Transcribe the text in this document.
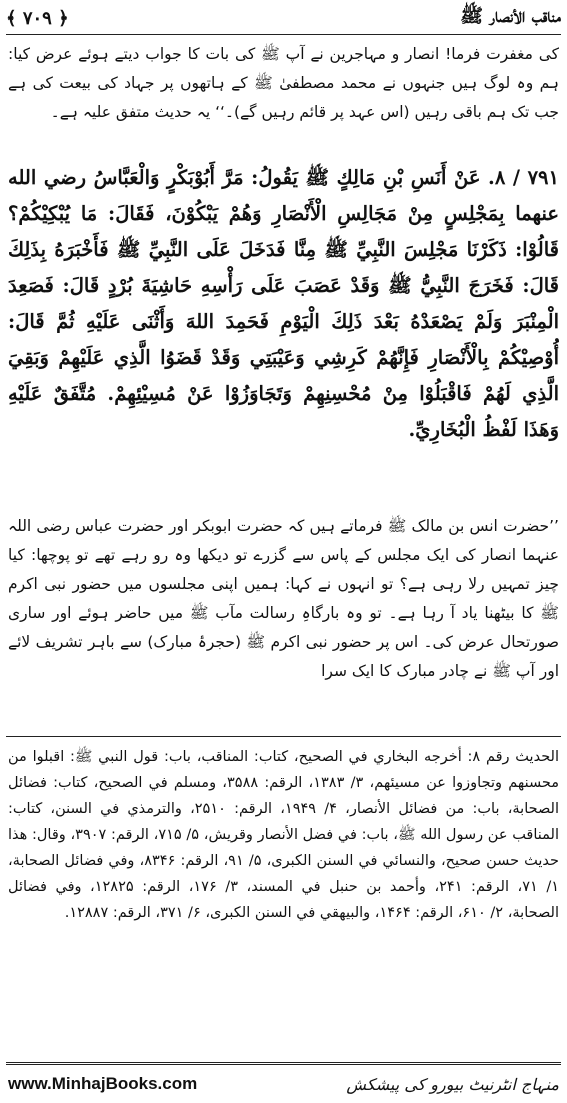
مناقب الأنصار ﷺ
﴿ ۷۰۹ ﴾
کی مغفرت فرما! انصار و مہاجرین نے آپ ﷺ کی بات کا جواب دیتے ہوئے عرض کیا: ہم وہ لوگ ہیں جنہوں نے محمد مصطفیٰ ﷺ کے ہاتھوں پر جہاد کی بیعت کی ہے جب تک ہم باقی رہیں (اس عہد پر قائم رہیں گے)۔‘‘ یہ حدیث متفق علیہ ہے۔
۷۹۱ / ۸. عَنْ أَنَسِ بْنِ مَالِكٍ ﷺ يَقُولُ: مَرَّ أَبُوْبَكْرٍ وَالْعَبَّاسُ رضي الله عنهما بِمَجْلِسٍ مِنْ مَجَالِسِ الْأَنْصَارِ وَهُمْ يَبْكُوْنَ، فَقَالَ: مَا يُبْكِيْكُمْ؟ قَالُوْا: ذَكَرْنَا مَجْلِسَ النَّبِيِّ ﷺ مِنَّا فَدَخَلَ عَلَى النَّبِيِّ ﷺ فَأَخْبَرَهُ بِذَلِكَ قَالَ: فَخَرَجَ النَّبِيُّ ﷺ وَقَدْ عَصَبَ عَلَى رَأْسِهِ حَاشِيَةَ بُرْدٍ قَالَ: فَصَعِدَ الْمِنْبَرَ وَلَمْ يَصْعَدْهُ بَعْدَ ذَلِكَ الْيَوْمِ فَحَمِدَ اللهَ وَأَثْنَى عَلَيْهِ ثُمَّ قَالَ: أُوْصِيْكُمْ بِالْأَنْصَارِ فَإِنَّهُمْ كَرِشِي وَعَيْبَتِي وَقَدْ قَضَوُا الَّذِي عَلَيْهِمْ وَبَقِيَ الَّذِي لَهُمْ فَاقْبَلُوْا مِنْ مُحْسِنِهِمْ وَتَجَاوَزُوْا عَنْ مُسِيْئِهِمْ. مُتَّفَقٌ عَلَيْهِ وَهَذَا لَفْظُ الْبُخَارِيِّ.
’’حضرت انس بن مالک ﷺ فرماتے ہیں کہ حضرت ابوبکر اور حضرت عباس رضی اللہ عنہما انصار کی ایک مجلس کے پاس سے گزرے تو دیکھا وہ رو رہے تھے تو پوچھا: کیا چیز تمہیں رلا رہی ہے؟ تو انہوں نے کہا: ہمیں اپنی مجلسوں میں حضور نبی اکرم ﷺ کا بیٹھنا یاد آ رہا ہے۔ تو وہ بارگاہِ رسالت مآب ﷺ میں حاضر ہوئے اور ساری صورتحال عرض کی۔ اس پر حضور نبی اکرم ﷺ (حجرۂ مبارک) سے باہر تشریف لائے اور آپ ﷺ نے چادر مبارک کا ایک سرا
الحديث رقم ۸: أخرجه البخاري في الصحيح، كتاب: المناقب، باب: قول النبي ﷺ: اقبلوا من محسنهم وتجاوزوا عن مسيئهم، ۳/ ۱۳۸۳، الرقم: ۳۵۸۸، ومسلم في الصحيح، كتاب: فضائل الصحابة، باب: من فضائل الأنصار، ۴/ ۱۹۴۹، الرقم: ۲۵۱۰، والترمذي في السنن، كتاب: المناقب عن رسول الله ﷺ، باب: في فضل الأنصار وقريش، ۵/ ۷۱۵، الرقم: ۳۹۰۷، وقال: هذا حديث حسن صحيح، والنسائي في السنن الكبرى، ۵/ ۹۱، الرقم: ۸۳۴۶، وفي فضائل الصحابة، ۱/ ۷۱، الرقم: ۲۴۱، وأحمد بن حنبل في المسند، ۳/ ۱۷۶، الرقم: ۱۲۸۲۵، وفي فضائل الصحابة، ۲/ ۶۱۰، الرقم: ۱۴۶۴، والبيهقي في السنن الكبرى، ۶/ ۳۷۱، الرقم: ۱۲۸۸۷.
www.MinhajBooks.com	منہاج انٹرنیٹ بیورو کی پیشکش
